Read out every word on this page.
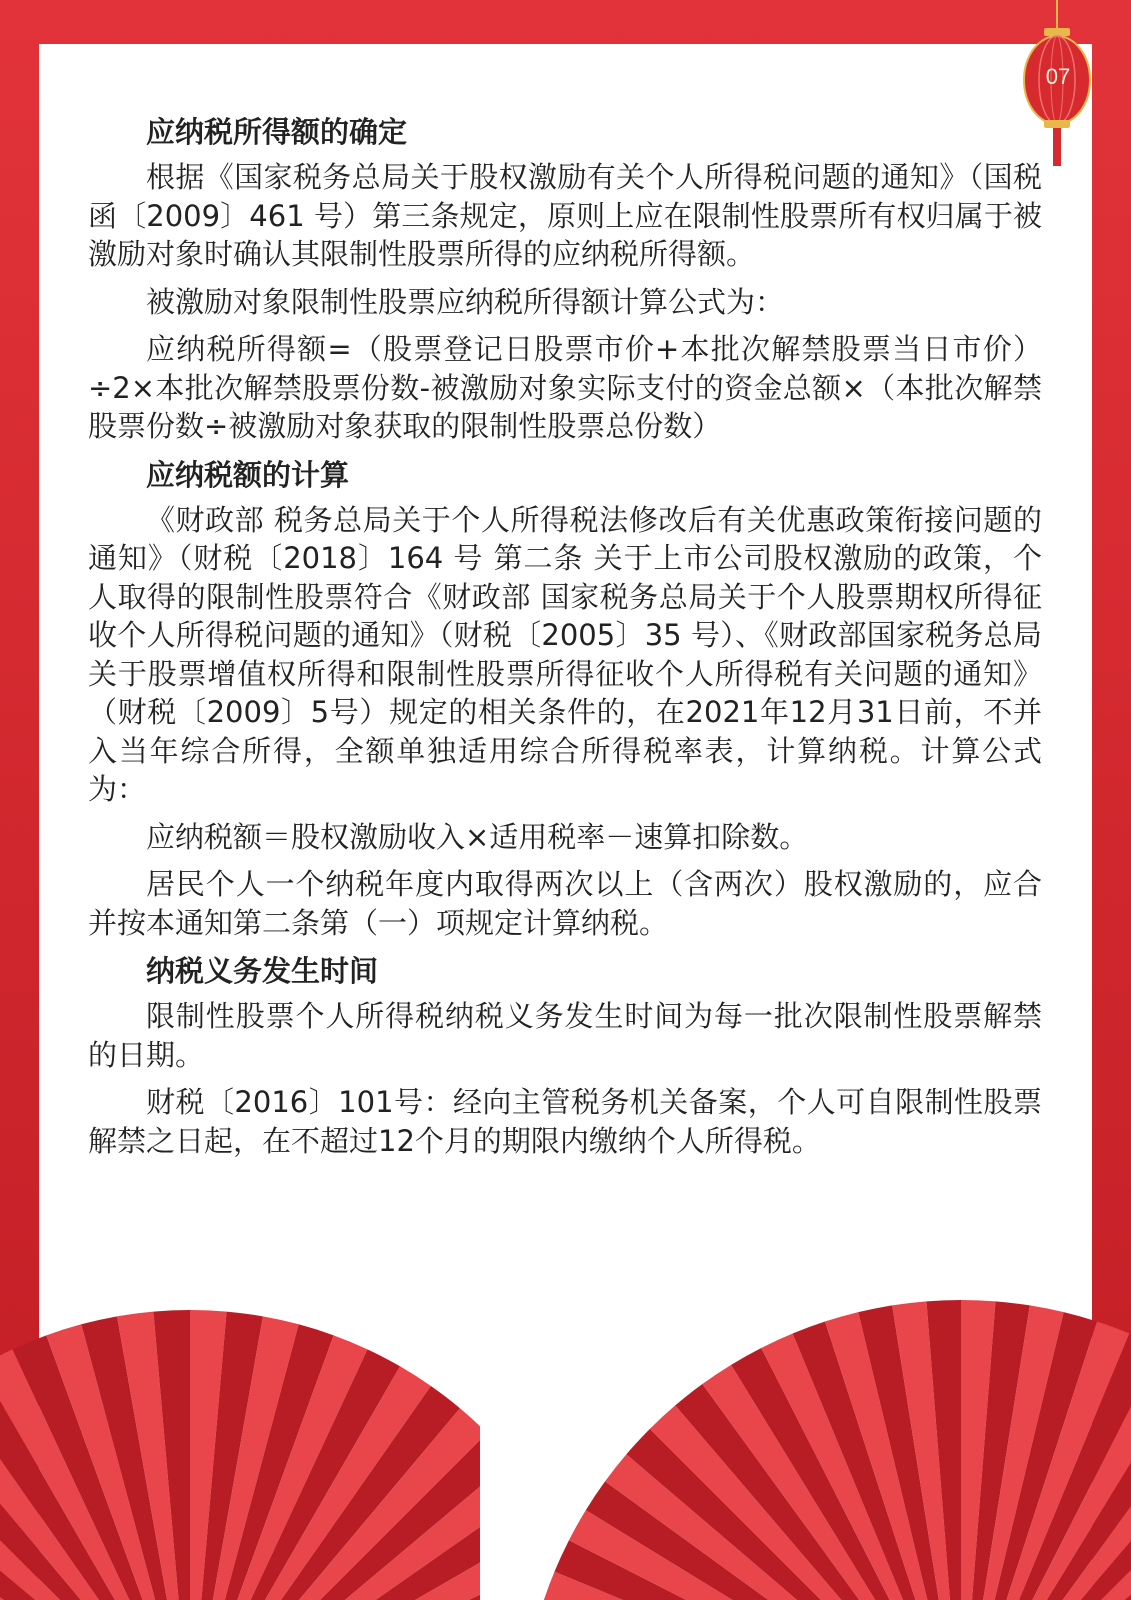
应纳税所得额的确定

根据《国家税务总局关于股权激励有关个人所得税问题的通知》（国税函〔2009〕461 号）第三条规定，原则上应在限制性股票所有权归属于被激励对象时确认其限制性股票所得的应纳税所得额。

被激励对象限制性股票应纳税所得额计算公式为：

应纳税所得额=（股票登记日股票市价+本批次解禁股票当日市价）÷2×本批次解禁股票份数-被激励对象实际支付的资金总额×（本批次解禁股票份数÷被激励对象获取的限制性股票总份数）

应纳税额的计算

《财政部 税务总局关于个人所得税法修改后有关优惠政策衔接问题的通知》（财税〔2018〕164 号 第二条 关于上市公司股权激励的政策，个人取得的限制性股票符合《财政部 国家税务总局关于个人股票期权所得征收个人所得税问题的通知》（财税〔2005〕35 号）、《财政部国家税务总局关于股票增值权所得和限制性股票所得征收个人所得税有关问题的通知》（财税〔2009〕5号）规定的相关条件的，在2021年12月31日前，不并入当年综合所得，全额单独适用综合所得税率表，计算纳税。计算公式为：

应纳税额＝股权激励收入×适用税率－速算扣除数。

居民个人一个纳税年度内取得两次以上（含两次）股权激励的，应合并按本通知第二条第（一）项规定计算纳税。

纳税义务发生时间

限制性股票个人所得税纳税义务发生时间为每一批次限制性股票解禁的日期。

财税〔2016〕101号：经向主管税务机关备案，个人可自限制性股票解禁之日起，在不超过12个月的期限内缴纳个人所得税。

07
